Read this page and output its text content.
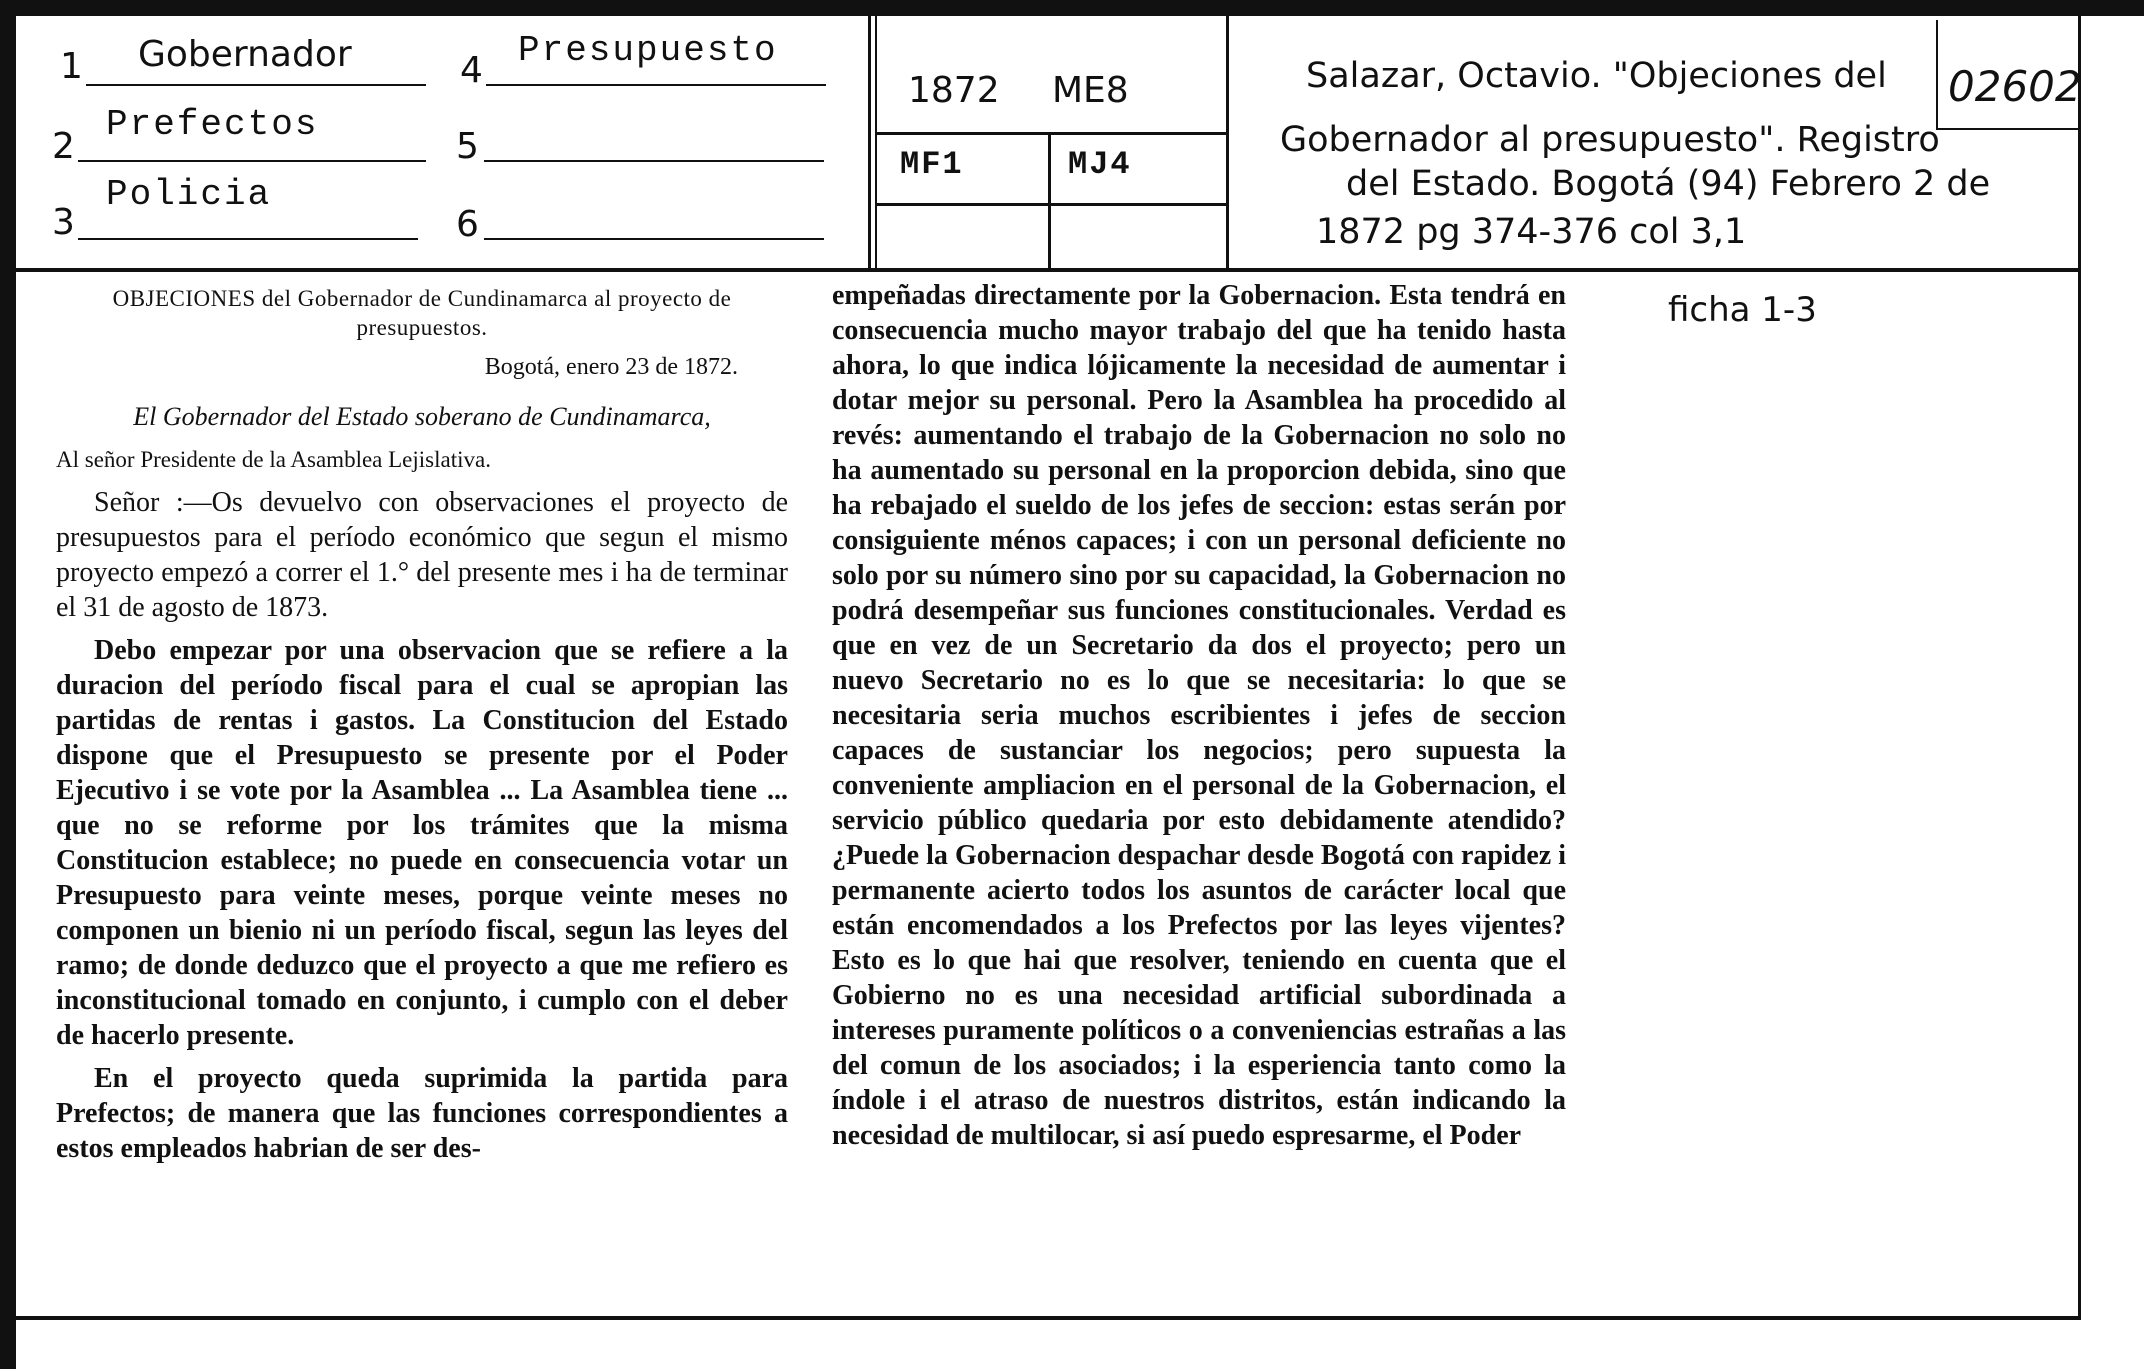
1 Gobernador
2
Prefectos
3
Policia
4 Presupuesto
5
6
1872 ME8
MF1	MJ4
Salazar, Octavio. "Objeciones del
Gobernador al presupuesto". Registro
del Estado. Bogotá (94) Febrero 2 de
1872 pg 374-376 col 3,1
02602
ficha 1-3
OBJECIONES del Gobernador de Cundinamarca al proyecto de presupuestos.
Bogotá, enero 23 de 1872.
El Gobernador del Estado soberano de Cundinamarca,
Al señor Presidente de la Asamblea Lejislativa.

Señor :—Os devuelvo con observaciones el proyecto de presupuestos para el período económico que segun el mismo proyecto empezó a correr el 1.° del presente mes i ha de terminar el 31 de agosto de 1873.

Debo empezar por una observacion que se refiere a la duracion del período fiscal para el cual se apropian las partidas de rentas i gastos. La Constitucion del Estado dispone que el Presupuesto se presente por el Poder Ejecutivo i se vote por la Asamblea ... La Asamblea tiene ... que no se reforme por los trámites que la misma Constitucion establece; no puede en consecuencia votar un Presupuesto para veinte meses, porque veinte meses no componen un bienio ni un período fiscal, segun las leyes del ramo; de donde deduzco que el proyecto a que me refiero es inconstitucional tomado en conjunto, i cumplo con el deber de hacerlo presente.

En el proyecto queda suprimida la partida para Prefectos; de manera que las funciones correspondientes a estos empleados habrian de ser des-

empeñadas directamente por la Gobernacion. Esta tendrá en consecuencia mucho mayor trabajo del que ha tenido hasta ahora, lo que indica lójicamente la necesidad de aumentar i dotar mejor su personal. Pero la Asamblea ha procedido al revés: aumentando el trabajo de la Gobernacion no solo no ha aumentado su personal en la proporcion debida, sino que ha rebajado el sueldo de los jefes de seccion: estas serán por consiguiente ménos capaces; i con un personal deficiente no solo por su número sino por su capacidad, la Gobernacion no podrá desempeñar sus funciones constitucionales. Verdad es que en vez de un Secretario da dos el proyecto; pero un nuevo Secretario no es lo que se necesitaria: lo que se necesitaria seria muchos escribientes i jefes de seccion capaces de sustanciar los negocios; pero supuesta la conveniente ampliacion en el personal de la Gobernacion, el servicio público quedaria por esto debidamente atendido? ¿Puede la Gobernacion despachar desde Bogotá con rapidez i permanente acierto todos los asuntos de carácter local que están encomendados a los Prefectos por las leyes vijentes? Esto es lo que hai que resolver, teniendo en cuenta que el Gobierno no es una necesidad artificial subordinada a intereses puramente políticos o a conveniencias estrañas a las del comun de los asociados; i la esperiencia tanto como la índole i el atraso de nuestros distritos, están indicando la necesidad de multilocar, si así puedo espresarme, el Poder
